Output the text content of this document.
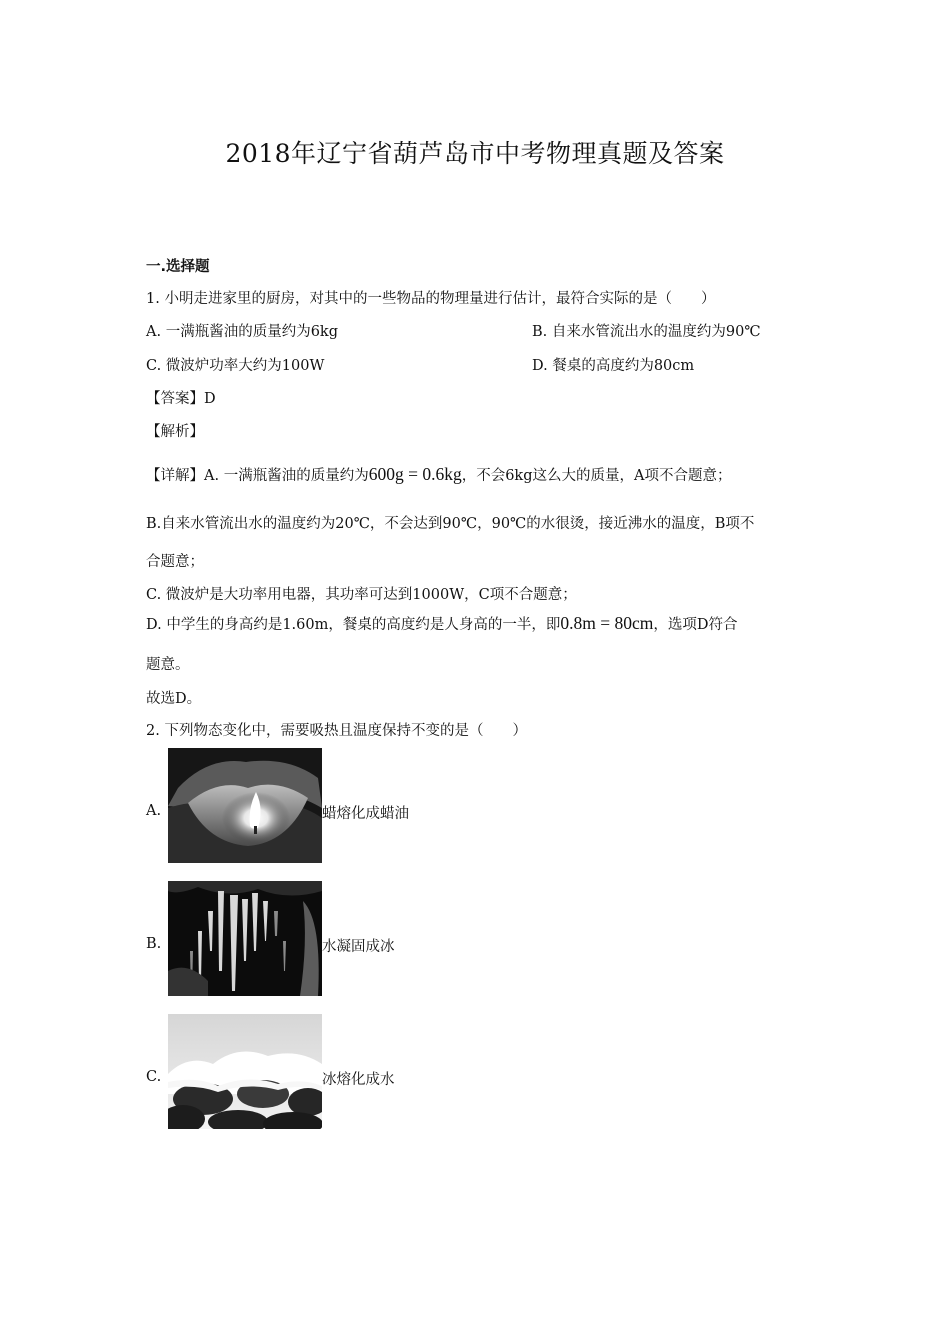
2018年辽宁省葫芦岛市中考物理真题及答案
一.选择题
1. 小明走进家里的厨房，对其中的一些物品的物理量进行估计，最符合实际的是（　　）
A. 一满瓶酱油的质量约为6kg	B. 自来水管流出水的温度约为90℃
C. 微波炉功率大约为100W	D. 餐桌的高度约为80cm
【答案】D
【解析】
【详解】A. 一满瓶酱油的质量约为600g = 0.6kg，不会6kg这么大的质量，A项不合题意；
B.自来水管流出水的温度约为20℃，不会达到90℃，90℃的水很烫，接近沸水的温度，B项不
合题意；
C. 微波炉是大功率用电器，其功率可达到1000W，C项不合题意；
D. 中学生的身高约是1.60m，餐桌的高度约是人身高的一半，即0.8m = 80cm，选项D符合
题意。
故选D。
2. 下列物态变化中，需要吸热且温度保持不变的是（　　）
A.	蜡熔化成蜡油
B.	水凝固成冰
C.	冰熔化成水
